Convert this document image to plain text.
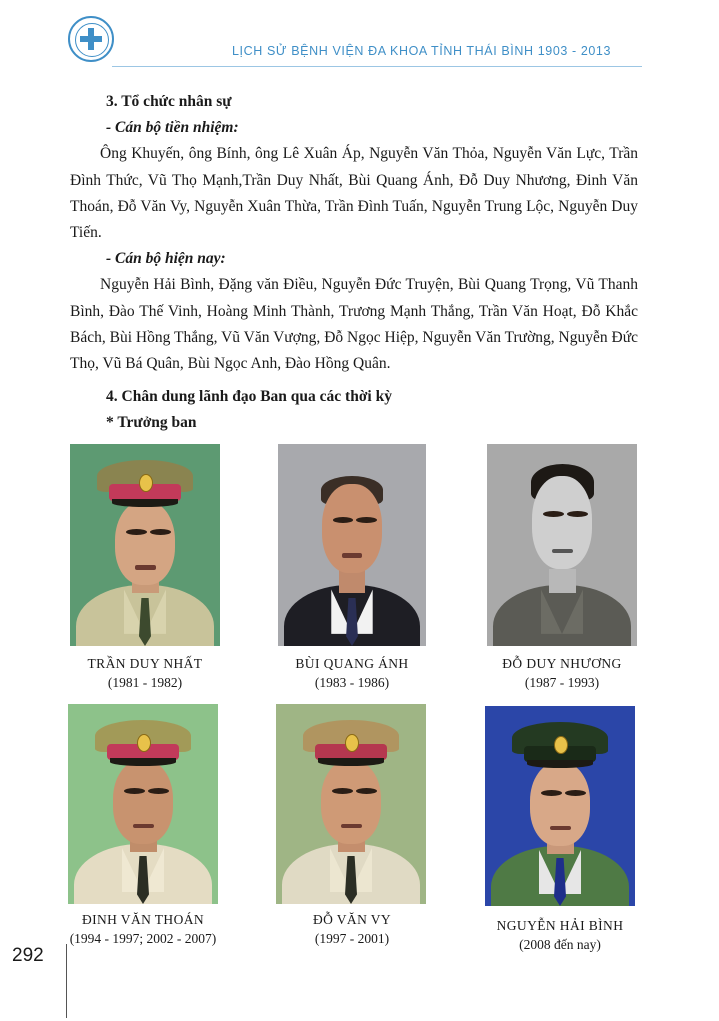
LỊCH SỬ BỆNH VIỆN ĐA KHOA TỈNH THÁI BÌNH 1903 - 2013
3. Tổ chức nhân sự
- Cán bộ tiền nhiệm:

Ông Khuyến, ông Bính, ông Lê Xuân Áp, Nguyễn Văn Thỏa, Nguyễn Văn Lực, Trần Đình Thức, Vũ Thọ Mạnh,Trần Duy Nhất, Bùi Quang Ánh, Đỗ Duy Nhương, Đinh Văn Thoán, Đỗ Văn Vy, Nguyễn Xuân Thừa, Trần Đình Tuấn, Nguyễn Trung Lộc, Nguyễn Duy Tiến.

- Cán bộ hiện nay:

Nguyễn Hải Bình, Đặng văn Điều, Nguyễn Đức Truyện, Bùi Quang Trọng, Vũ Thanh Bình, Đào Thế Vinh, Hoàng Minh Thành, Trương Mạnh Thắng, Trần Văn Hoạt, Đỗ Khắc Bách, Bùi Hồng Thắng, Vũ Văn Vượng, Đỗ Ngọc Hiệp, Nguyễn Văn Trường, Nguyễn Đức Thọ, Vũ Bá Quân, Bùi Ngọc Anh, Đào Hồng Quân.

4. Chân dung lãnh đạo Ban qua các thời kỳ
* Trưởng ban
TRẦN DUY NHẤT
(1981 - 1982)
BÙI QUANG ÁNH
(1983 - 1986)
ĐỖ DUY NHƯƠNG
(1987 - 1993)
ĐINH VĂN THOÁN
(1994 - 1997; 2002 - 2007)
ĐỖ VĂN VY
(1997 - 2001)
NGUYỄN HẢI BÌNH
(2008 đến nay)
292
